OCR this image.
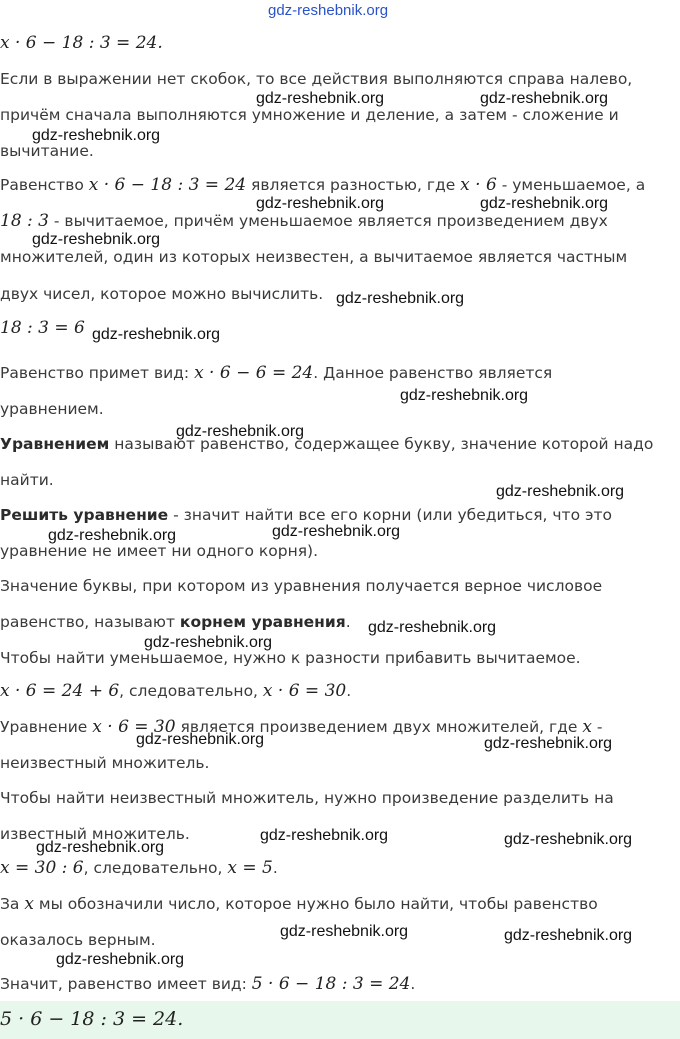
gdz-reshebnik.org
x · 6 − 18 : 3 = 24.
Если в выражении нет скобок, то все действия выполняются справа налево,
причём сначала выполняются умножение и деление, а затем - сложение и
вычитание.
Равенство x · 6 − 18 : 3 = 24 является разностью, где x · 6 - уменьшаемое, а
18 : 3 - вычитаемое, причём уменьшаемое является произведением двух
множителей, один из которых неизвестен, а вычитаемое является частным
двух чисел, которое можно вычислить.
18 : 3 = 6
Равенство примет вид: x · 6 − 6 = 24. Данное равенство является
уравнением.
Уравнением называют равенство, содержащее букву, значение которой надо
найти.
Решить уравнение - значит найти все его корни (или убедиться, что это
уравнение не имеет ни одного корня).
Значение буквы, при котором из уравнения получается верное числовое
равенство, называют корнем уравнения.
Чтобы найти уменьшаемое, нужно к разности прибавить вычитаемое.
x · 6 = 24 + 6, следовательно, x · 6 = 30.
Уравнение x · 6 = 30 является произведением двух множителей, где x -
неизвестный множитель.
Чтобы найти неизвестный множитель, нужно произведение разделить на
известный множитель.
x = 30 : 6, следовательно, x = 5.
За x мы обозначили число, которое нужно было найти, чтобы равенство
оказалось верным.
Значит, равенство имеет вид: 5 · 6 − 18 : 3 = 24.
5 · 6 − 18 : 3 = 24.
gdz-reshebnik.org	gdz-reshebnik.org
gdz-reshebnik.org
gdz-reshebnik.org	gdz-reshebnik.org
gdz-reshebnik.org
gdz-reshebnik.org
gdz-reshebnik.org
gdz-reshebnik.org
gdz-reshebnik.org
gdz-reshebnik.org
gdz-reshebnik.org	gdz-reshebnik.org
gdz-reshebnik.org
gdz-reshebnik.org
gdz-reshebnik.org	gdz-reshebnik.org
gdz-reshebnik.org	gdz-reshebnik.org
gdz-reshebnik.org
gdz-reshebnik.org	gdz-reshebnik.org
gdz-reshebnik.org
